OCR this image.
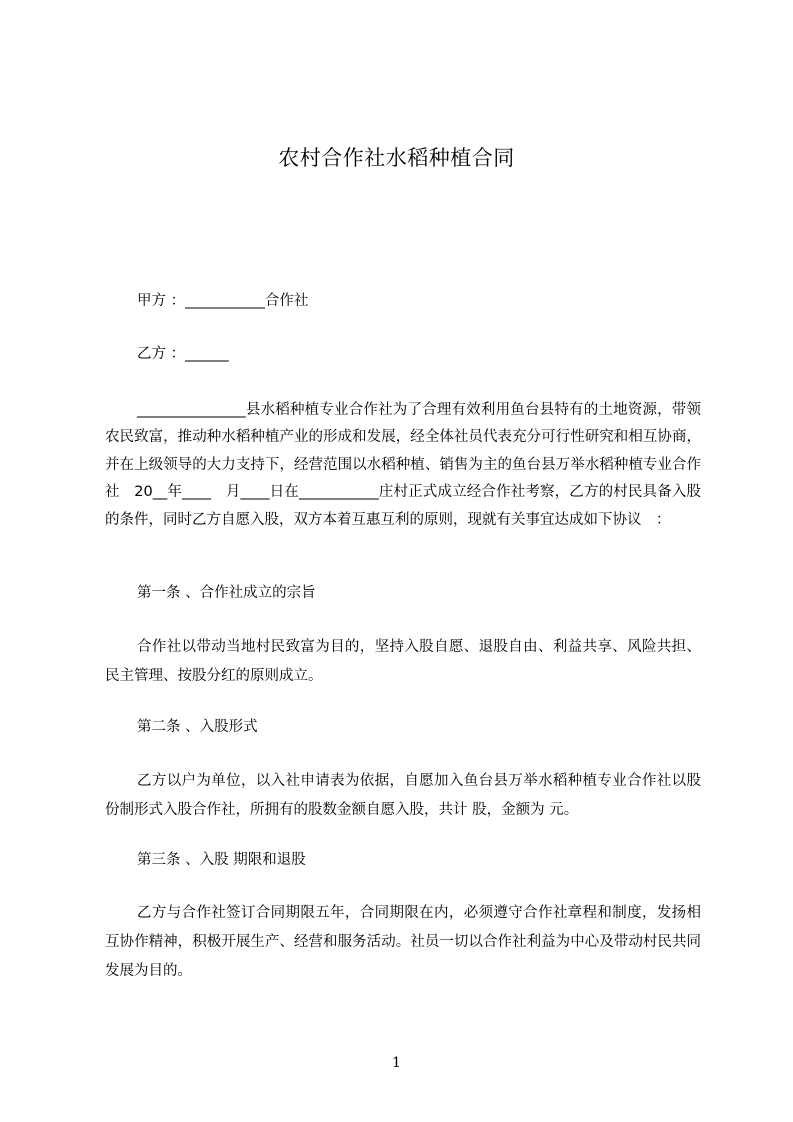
农村合作社水稻种植合同
甲方 ：___________合作社
乙方 ：______
_______________县水稻种植专业合作社为了合理有效利用鱼台县特有的土地资源，带领农民致富，推动种水稻种植产业的形成和发展，经全体社员代表充分可行性研究和相互协商，并在上级领导的大力支持下，经营范围以水稻种植、销售为主的鱼台县万举水稻种植专业合作社　20__年____　月____日在___________庄村正式成立经合作社考察，乙方的村民具备入股的条件，同时乙方自愿入股，双方本着互惠互利的原则，现就有关事宜达成如下协议　：
第一条 、合作社成立的宗旨
合作社以带动当地村民致富为目的，坚持入股自愿、退股自由、利益共享、风险共担、民主管理、按股分红的原则成立。
第二条 、入股形式
乙方以户为单位，以入社申请表为依据，自愿加入鱼台县万举水稻种植专业合作社以股份制形式入股合作社，所拥有的股数金额自愿入股，共计 股，金额为 元。
第三条 、入股 期限和退股
乙方与合作社签订合同期限五年，合同期限在内，必须遵守合作社章程和制度，发扬相互协作精神，积极开展生产、经营和服务活动。社员一切以合作社利益为中心及带动村民共同发展为目的。
1
